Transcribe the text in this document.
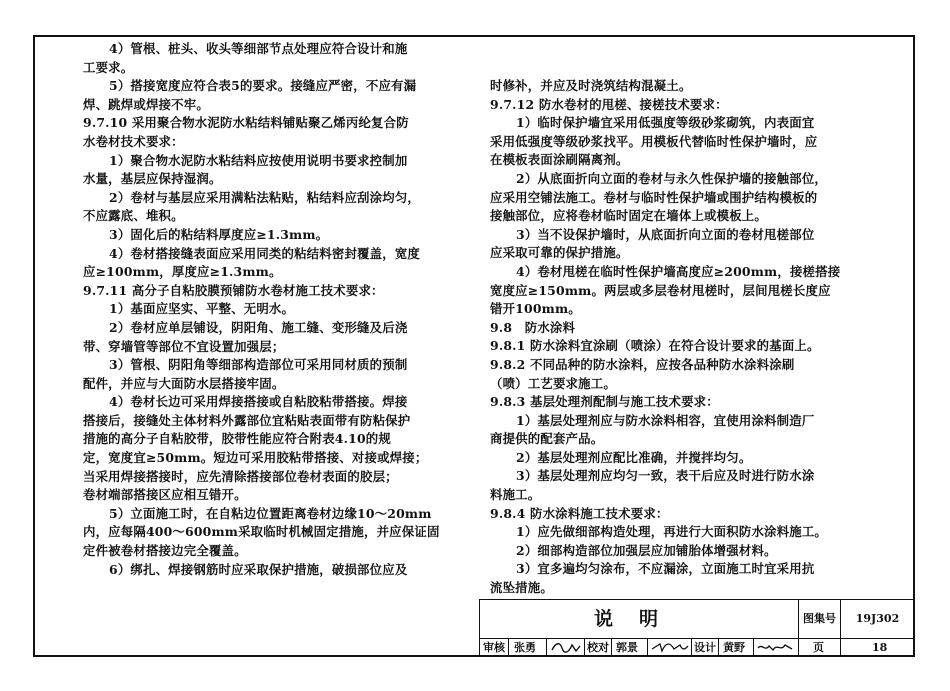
4）管根、桩头、收头等细部节点处理应符合设计和施
工要求。
5）搭接宽度应符合表5的要求。接缝应严密，不应有漏
焊、跳焊或焊接不牢。
9.7.10 采用聚合物水泥防水粘结料铺贴聚乙烯丙纶复合防
水卷材技术要求：
1）聚合物水泥防水粘结料应按使用说明书要求控制加
水量，基层应保持湿润。
2）卷材与基层应采用满粘法粘贴，粘结料应刮涂均匀，
不应露底、堆积。
3）固化后的粘结料厚度应≥1.3mm。
4）卷材搭接缝表面应采用同类的粘结料密封覆盖，宽度
应≥100mm，厚度应≥1.3mm。
9.7.11 高分子自粘胶膜预铺防水卷材施工技术要求：
1）基面应坚实、平整、无明水。
2）卷材应单层铺设，阴阳角、施工缝、变形缝及后浇
带、穿墙管等部位不宜设置加强层；
3）管根、阴阳角等细部构造部位可采用同材质的预制
配件，并应与大面防水层搭接牢固。
4）卷材长边可采用焊接搭接或自粘胶粘带搭接。焊接
搭接后，接缝处主体材料外露部位宜粘贴表面带有防粘保护
措施的高分子自粘胶带，胶带性能应符合附表4.10的规
定，宽度宜≥50mm。短边可采用胶粘带搭接、对接或焊接；
当采用焊接搭接时，应先清除搭接部位卷材表面的胶层；
卷材端部搭接区应相互错开。
5）立面施工时，在自粘边位置距离卷材边缘10～20mm
内，应每隔400～600mm采取临时机械固定措施，并应保证固
定件被卷材搭接边完全覆盖。
6）绑扎、焊接钢筋时应采取保护措施，破损部位应及
时修补，并应及时浇筑结构混凝土。
9.7.12 防水卷材的甩槎、接槎技术要求：
1）临时保护墙宜采用低强度等级砂浆砌筑，内表面宜
采用低强度等级砂浆找平。用模板代替临时性保护墙时，应
在模板表面涂刷隔离剂。
2）从底面折向立面的卷材与永久性保护墙的接触部位，
应采用空铺法施工。卷材与临时性保护墙或围护结构模板的
接触部位，应将卷材临时固定在墙体上或模板上。
3）当不设保护墙时，从底面折向立面的卷材甩槎部位
应采取可靠的保护措施。
4）卷材甩槎在临时性保护墙高度应≥200mm，接槎搭接
宽度应≥150mm。两层或多层卷材甩槎时，层间甩槎长度应
错开100mm。
9.8　防水涂料
9.8.1 防水涂料宜涂刷（喷涂）在符合设计要求的基面上。
9.8.2 不同品种的防水涂料，应按各品种防水涂料涂刷
（喷）工艺要求施工。
9.8.3 基层处理剂配制与施工技术要求：
1）基层处理剂应与防水涂料相容，宜使用涂料制造厂
商提供的配套产品。
2）基层处理剂应配比准确，并搅拌均匀。
3）基层处理剂应均匀一致，表干后应及时进行防水涂
料施工。
9.8.4 防水涂料施工技术要求：
1）应先做细部构造处理，再进行大面积防水涂料施工。
2）细部构造部位加强层应加铺胎体增强材料。
3）宜多遍均匀涂布，不应漏涂，立面施工时宜采用抗
流坠措施。
说明	图集号	19J302
审核 张勇	校对 郭景	设计 黄野	页	18
